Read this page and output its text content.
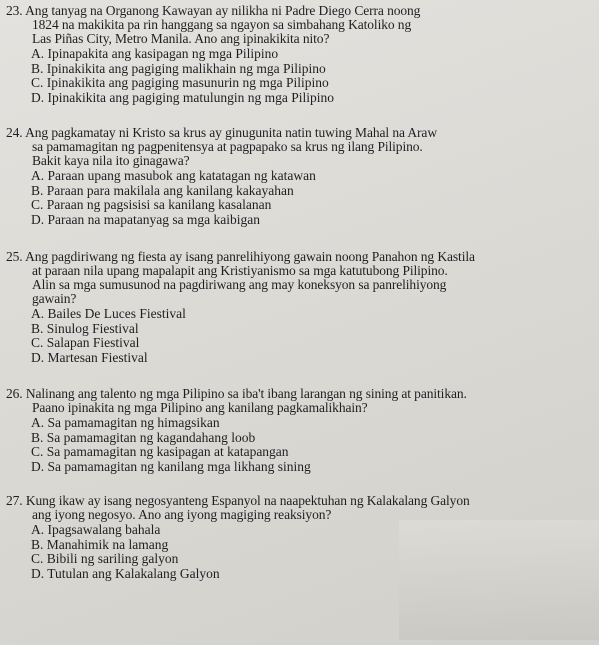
23. Ang tanyag na Organong Kawayan ay nilikha ni Padre Diego Cerra noong
1824 na makikita pa rin hanggang sa ngayon sa simbahang Katoliko ng
Las Piñas City, Metro Manila. Ano ang ipinakikita nito?

A. Ipinapakita ang kasipagan ng mga Pilipino
B. Ipinakikita ang pagiging malikhain ng mga Pilipino
C. Ipinakikita ang pagiging masunurin ng mga Pilipino
D. Ipinakikita ang pagiging matulungin ng mga Pilipino

24. Ang pagkamatay ni Kristo sa krus ay ginugunita natin tuwing Mahal na Araw
sa pamamagitan ng pagpenitensya at pagpapako sa krus ng ilang Pilipino.
Bakit kaya nila ito ginagawa?

A. Paraan upang masubok ang katatagan ng katawan
B. Paraan para makilala ang kanilang kakayahan
C. Paraan ng pagsisisi sa kanilang kasalanan
D. Paraan na mapatanyag sa mga kaibigan

25. Ang pagdiriwang ng fiesta ay isang panrelihiyong gawain noong Panahon ng Kastila
at paraan nila upang mapalapit ang Kristiyanismo sa mga katutubong Pilipino.
Alin sa mga sumusunod na pagdiriwang ang may koneksyon sa panrelihiyong
gawain?

A. Bailes De Luces Fiestival
B. Sinulog Fiestival
C. Salapan Fiestival
D. Martesan Fiestival

26. Nalinang ang talento ng mga Pilipino sa iba't ibang larangan ng sining at panitikan.
Paano ipinakita ng mga Pilipino ang kanilang pagkamalikhain?

A. Sa pamamagitan ng himagsikan
B. Sa pamamagitan ng kagandahang loob
C. Sa pamamagitan ng kasipagan at katapangan
D. Sa pamamagitan ng kanilang mga likhang sining

27. Kung ikaw ay isang negosyanteng Espanyol na naapektuhan ng Kalakalang Galyon
ang iyong negosyo. Ano ang iyong magiging reaksiyon?

A. Ipagsawalang bahala
B. Manahimik na lamang
C. Bibili ng sariling galyon
D. Tutulan ang Kalakalang Galyon
